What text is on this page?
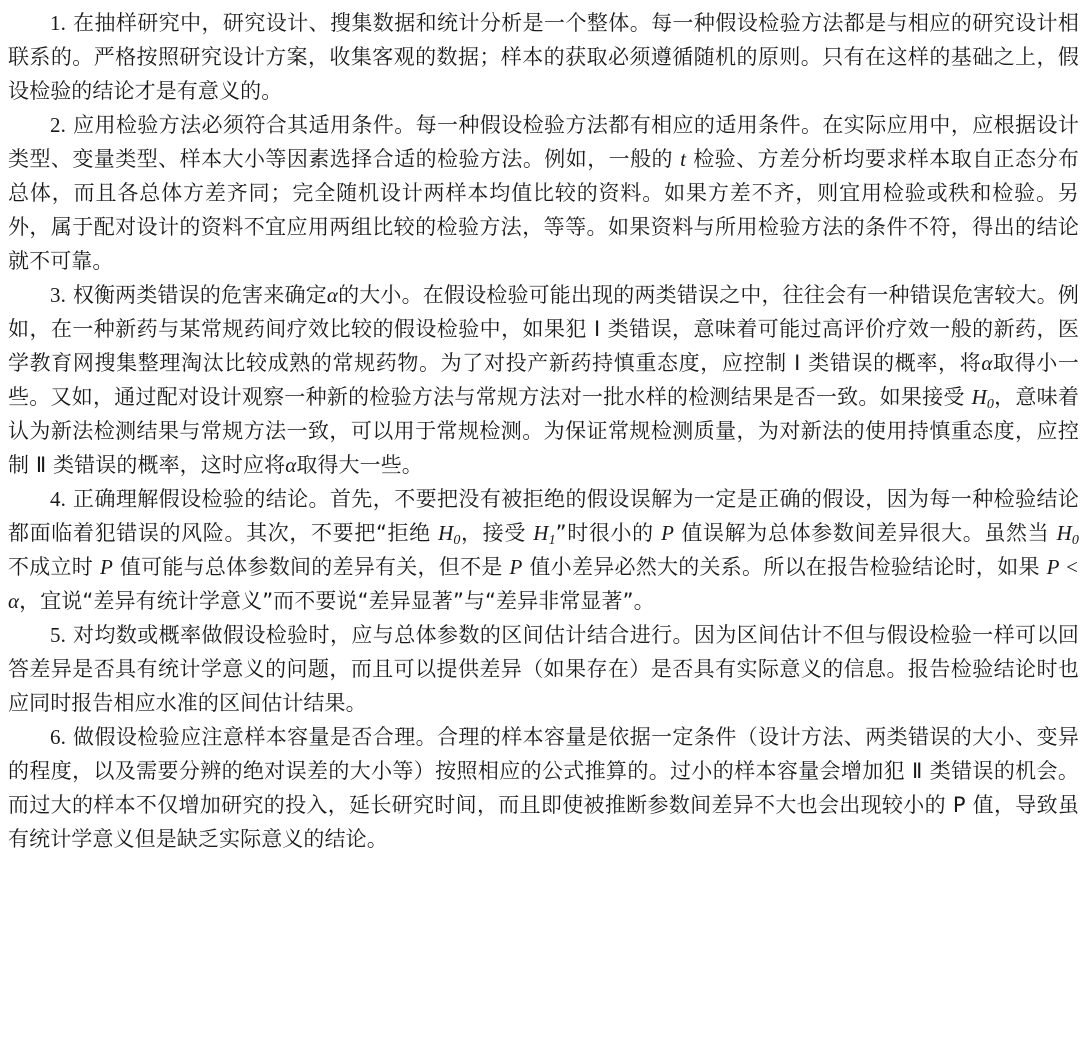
1. 在抽样研究中，研究设计、搜集数据和统计分析是一个整体。每一种假设检验方法都是与相应的研究设计相联系的。严格按照研究设计方案，收集客观的数据；样本的获取必须遵循随机的原则。只有在这样的基础之上，假设检验的结论才是有意义的。

2. 应用检验方法必须符合其适用条件。每一种假设检验方法都有相应的适用条件。在实际应用中，应根据设计类型、变量类型、样本大小等因素选择合适的检验方法。例如，一般的 t 检验、方差分析均要求样本取自正态分布总体，而且各总体方差齐同；完全随机设计两样本均值比较的资料。如果方差不齐，则宜用检验或秩和检验。另外，属于配对设计的资料不宜应用两组比较的检验方法，等等。如果资料与所用检验方法的条件不符，得出的结论就不可靠。

3. 权衡两类错误的危害来确定α的大小。在假设检验可能出现的两类错误之中，往往会有一种错误危害较大。例如，在一种新药与某常规药间疗效比较的假设检验中，如果犯 Ⅰ 类错误，意味着可能过高评价疗效一般的新药，医学教育网搜集整理淘汰比较成熟的常规药物。为了对投产新药持慎重态度，应控制 Ⅰ 类错误的概率，将α取得小一些。又如，通过配对设计观察一种新的检验方法与常规方法对一批水样的检测结果是否一致。如果接受 $H_0$，意味着认为新法检测结果与常规方法一致，可以用于常规检测。为保证常规检测质量，为对新法的使用持慎重态度，应控制 Ⅱ 类错误的概率，这时应将α取得大一些。

4. 正确理解假设检验的结论。首先，不要把没有被拒绝的假设误解为一定是正确的假设，因为每一种检验结论都面临着犯错误的风险。其次，不要把“拒绝 $H_0$，接受 $H_1$”时很小的 P 值误解为总体参数间差异很大。虽然当 $H_0$ 不成立时 P 值可能与总体参数间的差异有关，但不是 P 值小差异必然大的关系。所以在报告检验结论时，如果 P < α，宜说“差异有统计学意义”而不要说“差异显著”与“差异非常显著”。

5. 对均数或概率做假设检验时，应与总体参数的区间估计结合进行。因为区间估计不但与假设检验一样可以回答差异是否具有统计学意义的问题，而且可以提供差异（如果存在）是否具有实际意义的信息。报告检验结论时也应同时报告相应水准的区间估计结果。

6. 做假设检验应注意样本容量是否合理。合理的样本容量是依据一定条件（设计方法、两类错误的大小、变异的程度，以及需要分辨的绝对误差的大小等）按照相应的公式推算的。过小的样本容量会增加犯 Ⅱ 类错误的机会。而过大的样本不仅增加研究的投入，延长研究时间，而且即使被推断参数间差异不大也会出现较小的 P 值，导致虽有统计学意义但是缺乏实际意义的结论。
